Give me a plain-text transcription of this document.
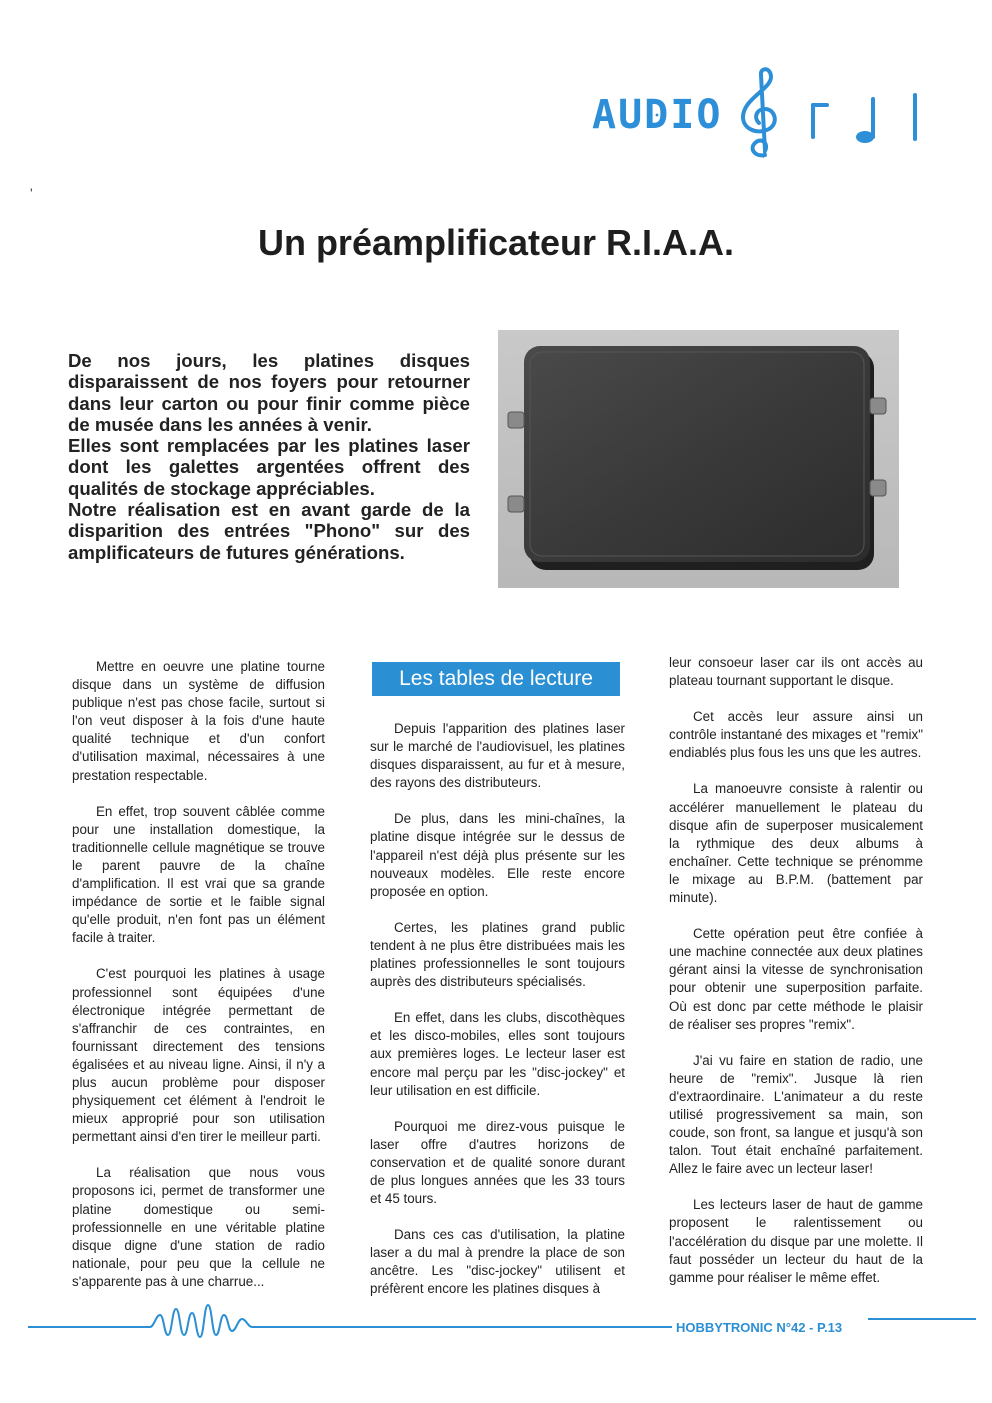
AUDIO
'
Un préamplificateur R.I.A.A.

De nos jours, les platines disques disparaissent de nos foyers pour retourner dans leur carton ou pour finir comme pièce de musée dans les années à venir.

Elles sont remplacées par les platines laser dont les galettes argentées offrent des qualités de stockage appréciables.

Notre réalisation est en avant garde de la disparition des entrées "Phono" sur des amplificateurs de futures générations.

Mettre en oeuvre une platine tourne disque dans un système de diffusion publique n'est pas chose facile, surtout si l'on veut disposer à la fois d'une haute qualité technique et d'un confort d'utilisation maximal, nécessaires à une prestation respectable.

En effet, trop souvent câblée comme pour une installation domestique, la traditionnelle cellule magnétique se trouve le parent pauvre de la chaîne d'amplification. Il est vrai que sa grande impédance de sortie et le faible signal qu'elle produit, n'en font pas un élément facile à traiter.

C'est pourquoi les platines à usage professionnel sont équipées d'une électronique intégrée permettant de s'affranchir de ces contraintes, en fournissant directement des tensions égalisées et au niveau ligne. Ainsi, il n'y a plus aucun problème pour disposer physiquement cet élément à l'endroit le mieux approprié pour son utilisation permettant ainsi d'en tirer le meilleur parti.

La réalisation que nous vous proposons ici, permet de transformer une platine domestique ou semi-professionnelle en une véritable platine disque digne d'une station de radio nationale, pour peu que la cellule ne s'apparente pas à une charrue...

Les tables de lecture

Depuis l'apparition des platines laser sur le marché de l'audiovisuel, les platines disques disparaissent, au fur et à mesure, des rayons des distributeurs.

De plus, dans les mini-chaînes, la platine disque intégrée sur le dessus de l'appareil n'est déjà plus présente sur les nouveaux modèles. Elle reste encore proposée en option.

Certes, les platines grand public tendent à ne plus être distribuées mais les platines professionnelles le sont toujours auprès des distributeurs spécialisés.

En effet, dans les clubs, discothèques et les disco-mobiles, elles sont toujours aux premières loges. Le lecteur laser est encore mal perçu par les "disc-jockey" et leur utilisation en est difficile.

Pourquoi me direz-vous puisque le laser offre d'autres horizons de conservation et de qualité sonore durant de plus longues années que les 33 tours et 45 tours.

Dans ces cas d'utilisation, la platine laser a du mal à prendre la place de son ancêtre. Les "disc-jockey" utilisent et préfèrent encore les platines disques à

leur consoeur laser car ils ont accès au plateau tournant supportant le disque.

Cet accès leur assure ainsi un contrôle instantané des mixages et "remix" endiablés plus fous les uns que les autres.

La manoeuvre consiste à ralentir ou accélérer manuellement le plateau du disque afin de superposer musicalement la rythmique des deux albums à enchaîner. Cette technique se prénomme le mixage au B.P.M. (battement par minute).

Cette opération peut être confiée à une machine connectée aux deux platines gérant ainsi la vitesse de synchronisation pour obtenir une superposition parfaite. Où est donc par cette méthode le plaisir de réaliser ses propres "remix".

J'ai vu faire en station de radio, une heure de "remix". Jusque là rien d'extraordinaire. L'animateur a du reste utilisé progressivement sa main, son coude, son front, sa langue et jusqu'à son talon. Tout était enchaîné parfaitement. Allez le faire avec un lecteur laser!

Les lecteurs laser de haut de gamme proposent le ralentissement ou l'accélération du disque par une molette. Il faut posséder un lecteur du haut de la gamme pour réaliser le même effet.

HOBBYTRONIC N°42 - P.13
